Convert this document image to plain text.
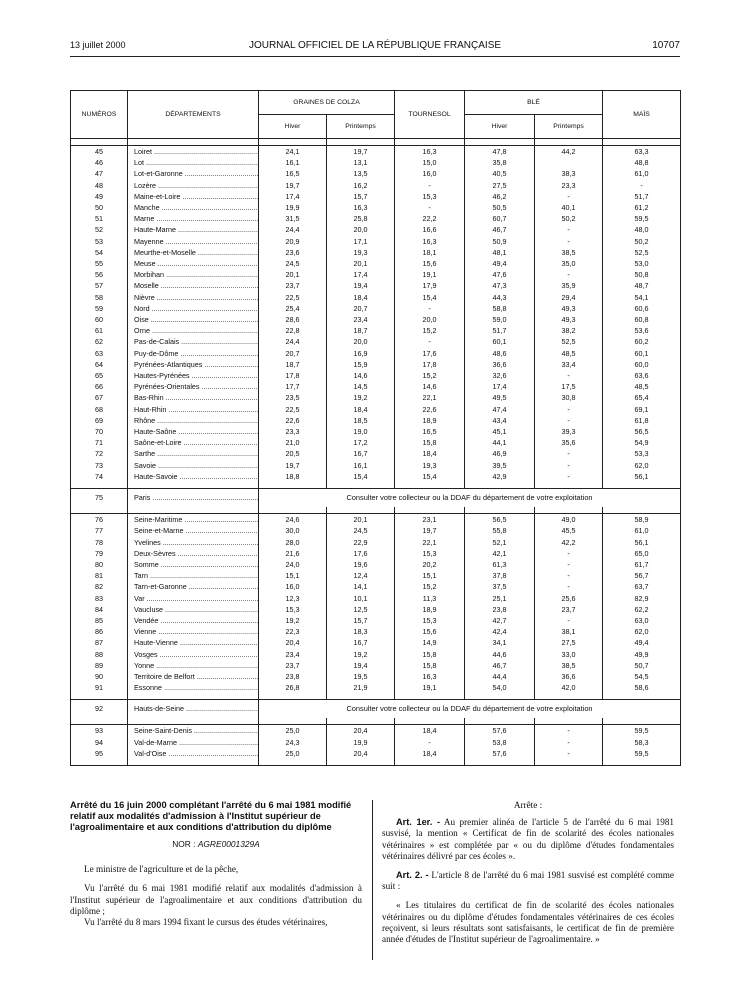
13 juillet 2000	JOURNAL OFFICIEL DE LA RÉPUBLIQUE FRANÇAISE	10707
NUMÉROS	DÉPARTEMENTS	GRAINES DE COLZA		TOURNESOL	BLÉ		MAÏS
		Hiver	Printemps		Hiver	Printemps	

45	Loiret .....	24,1	19,7	16,3	47,8	44,2	63,3
46	Lot .....	16,1	13,1	15,0	35,8		48,8
47	Lot-et-Garonne .....	16,5	13,5	16,0	40,5	38,3	61,0
48	Lozère .....	19,7	16,2	-	27,5	23,3	-
49	Maine-et-Loire .....	17,4	15,7	15,3	46,2	-	51,7
50	Manche .....	19,9	16,3	-	50,5	40,1	61,2
51	Marne .....	31,5	25,8	22,2	60,7	50,2	59,5
52	Haute-Marne .....	24,4	20,0	16,6	46,7	-	48,0
53	Mayenne .....	20,9	17,1	16,3	50,9	-	50,2
54	Meurthe-et-Moselle .....	23,6	19,3	18,1	48,1	38,5	52,5
55	Meuse .....	24,5	20,1	15,6	49,4	35,0	53,0
56	Morbihan .....	20,1	17,4	19,1	47,6	-	50,8
57	Moselle .....	23,7	19,4	17,9	47,3	35,9	48,7
58	Nièvre .....	22,5	18,4	15,4	44,3	29,4	54,1
59	Nord .....	25,4	20,7	-	58,8	49,3	60,6
60	Oise .....	28,6	23,4	20,0	59,0	49,3	60,8
61	Orne .....	22,8	18,7	15,2	51,7	38,2	53,6
62	Pas-de-Calais .....	24,4	20,0	-	60,1	52,5	60,2
63	Puy-de-Dôme .....	20,7	16,9	17,6	48,6	48,5	60,1
64	Pyrénées-Atlantiques .....	18,7	15,9	17,8	36,6	33,4	60,0
65	Hautes-Pyrénées .....	17,8	14,6	15,2	32,6	-	63,6
66	Pyrénées-Orientales .....	17,7	14,5	14,6	17,4	17,5	48,5
67	Bas-Rhin .....	23,5	19,2	22,1	49,5	30,8	65,4
68	Haut-Rhin .....	22,5	18,4	22,6	47,4	-	69,1
69	Rhône .....	22,6	18,5	18,9	43,4	-	61,8
70	Haute-Saône .....	23,3	19,0	16,5	45,1	39,3	56,5
71	Saône-et-Loire .....	21,0	17,2	15,8	44,1	35,6	54,9
72	Sarthe .....	20,5	16,7	18,4	46,9	-	53,3
73	Savoie .....	19,7	16,1	19,3	39,5	-	62,0
74	Haute-Savoie .....	18,8	15,4	15,4	42,9	-	56,1

75	Paris .....	Consulter votre collecteur ou la DDAF du département de votre exploitation					

76	Seine-Maritime .....	24,6	20,1	23,1	56,5	49,0	58,9
77	Seine-et-Marne .....	30,0	24,5	19,7	55,8	45,5	61,0
78	Yvelines .....	28,0	22,9	22,1	52,1	42,2	56,1
79	Deux-Sèvres .....	21,6	17,6	15,3	42,1	-	65,0
80	Somme .....	24,0	19,6	20,2	61,3	-	61,7
81	Tarn .....	15,1	12,4	15,1	37,8	-	56,7
82	Tarn-et-Garonne .....	16,0	14,1	15,2	37,5	-	63,7
83	Var .....	12,3	10,1	11,3	25,1	25,6	82,9
84	Vaucluse .....	15,3	12,5	18,9	23,8	23,7	62,2
85	Vendée .....	19,2	15,7	15,3	42,7	-	63,0
86	Vienne .....	22,3	18,3	15,6	42,4	38,1	62,0
87	Haute-Vienne .....	20,4	16,7	14,9	34,1	27,5	49,4
88	Vosges .....	23,4	19,2	15,8	44,6	33,0	49,9
89	Yonne .....	23,7	19,4	15,8	46,7	38,5	50,7
90	Territoire de Belfort .....	23,8	19,5	16,3	44,4	36,6	54,5
91	Essonne .....	26,8	21,9	19,1	54,0	42,0	58,6

92	Hauts-de-Seine .....	Consulter votre collecteur ou la DDAF du département de votre exploitation					

93	Seine-Saint-Denis .....	25,0	20,4	18,4	57,6	-	59,5
94	Val-de-Marne .....	24,3	19,9	-	53,8	-	58,3
95	Val-d'Oise .....	25,0	20,4	18,4	57,6	-	59,5

Arrêté du 16 juin 2000 complétant l'arrêté du 6 mai 1981 modifié relatif aux modalités d'admission à l'Institut supérieur de l'agroalimentaire et aux conditions d'attribution du diplôme
NOR : AGRE0001329A

Le ministre de l'agriculture et de la pêche,

Vu l'arrêté du 6 mai 1981 modifié relatif aux modalités d'admission à l'Institut supérieur de l'agroalimentaire et aux conditions d'attribution du diplôme ;

Vu l'arrêté du 8 mars 1994 fixant le cursus des études vétérinaires,

Arrête :

Art. 1er. - Au premier alinéa de l'article 5 de l'arrêté du 6 mai 1981 susvisé, la mention « Certificat de fin de scolarité des écoles nationales vétérinaires » est complétée par « ou du diplôme d'études fondamentales vétérinaires délivré par ces écoles ».

Art. 2. - L'article 8 de l'arrêté du 6 mai 1981 susvisé est complété comme suit :

« Les titulaires du certificat de fin de scolarité des écoles nationales vétérinaires ou du diplôme d'études fondamentales vétérinaires de ces écoles reçoivent, si leurs résultats sont satisfaisants, le certificat de fin de première année d'études de l'Institut supérieur de l'agroalimentaire. »
